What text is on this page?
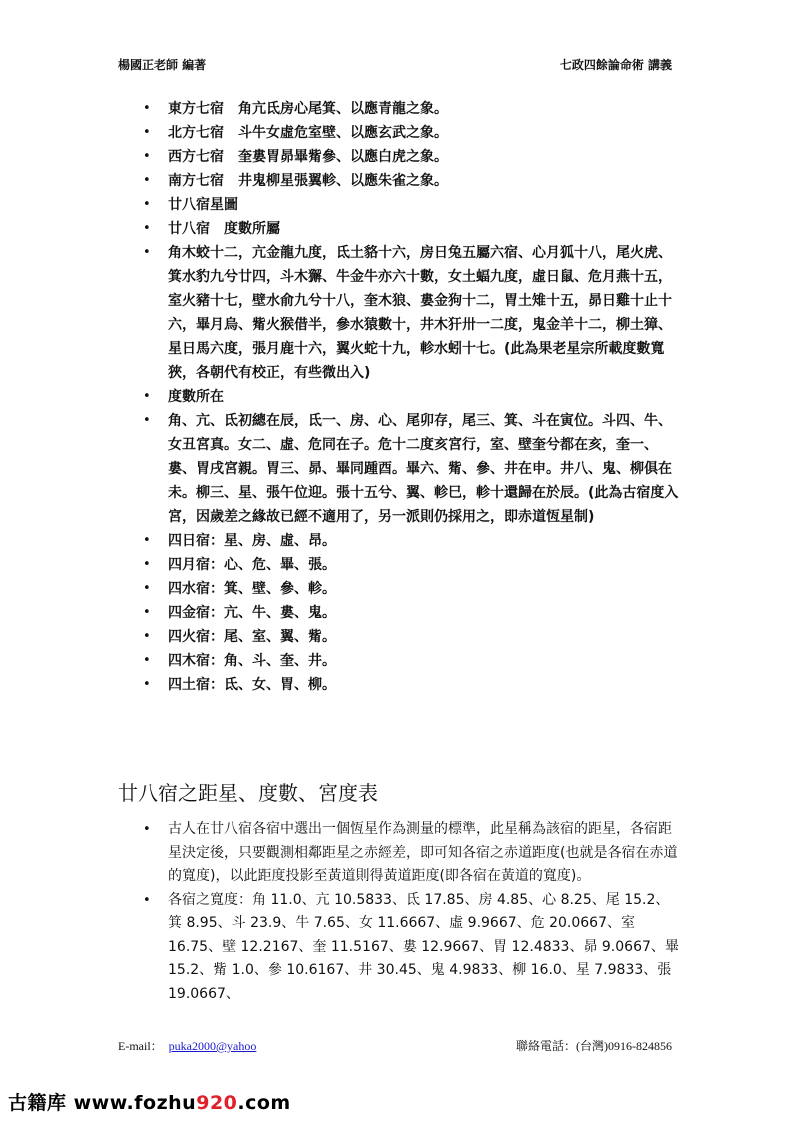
楊國正老師 編著	七政四餘論命術 講義
• 東方七宿　角亢氐房心尾箕、以應青龍之象。
• 北方七宿　斗牛女虛危室壁、以應玄武之象。
• 西方七宿　奎婁胃昴畢觜參、以應白虎之象。
• 南方七宿　井鬼柳星張翼軫、以應朱雀之象。
• 廿八宿星圖
• 廿八宿　度數所屬
• 角木蛟十二，亢金龍九度，氐土貉十六，房日兔五屬六宿、心月狐十八，尾火虎、箕水豹九兮廿四，斗木獬、牛金牛亦六十數，女土蝠九度，虛日鼠、危月燕十五，室火豬十七，壁水俞九兮十八，奎木狼、婁金狗十二，胃土雉十五，昴日雞十止十六，畢月烏、觜火猴借半，參水猿數十，井木犴卅一二度，鬼金羊十二，柳土獐、星日馬六度，張月鹿十六，翼火蛇十九，軫水蚓十七。(此為果老星宗所載度數寬狹，各朝代有校正，有些微出入)
• 度數所在
• 角、亢、氐初總在辰，氐一、房、心、尾卯存，尾三、箕、斗在寅位。斗四、牛、女丑宮真。女二、虛、危同在子。危十二度亥宮行，室、壁奎兮都在亥，奎一、婁、胃戌宮親。胃三、昴、畢同踵酉。畢六、觜、參、井在申。井八、鬼、柳俱在未。柳三、星、張午位迎。張十五兮、翼、軫巳，軫十還歸在於辰。(此為古宿度入宮，因歲差之緣故已經不適用了，另一派則仍採用之，即赤道恆星制)
• 四日宿：星、房、虛、昂。
• 四月宿：心、危、畢、張。
• 四水宿：箕、壁、參、軫。
• 四金宿：亢、牛、婁、鬼。
• 四火宿：尾、室、翼、觜。
• 四木宿：角、斗、奎、井。
• 四土宿：氐、女、胃、柳。
廿八宿之距星、度數、宮度表
• 古人在廿八宿各宿中選出一個恆星作為測量的標準，此星稱為該宿的距星，各宿距星決定後，只要觀測相鄰距星之赤經差，即可知各宿之赤道距度(也就是各宿在赤道的寬度)，以此距度投影至黃道則得黃道距度(即各宿在黃道的寬度)。
• 各宿之寬度：角 11.0、亢 10.5833、氐 17.85、房 4.85、心 8.25、尾 15.2、箕 8.95、斗 23.9、牛 7.65、女 11.6667、虛 9.9667、危 20.0667、室 16.75、壁 12.2167、奎 11.5167、婁 12.9667、胃 12.4833、昴 9.0667、畢 15.2、觜 1.0、參 10.6167、井 30.45、鬼 4.9833、柳 16.0、星 7.9833、張 19.0667、
E-mail： puka2000@yahoo	聯絡電話：(台灣)0916-824856
古籍库 www.fozhu920.com
